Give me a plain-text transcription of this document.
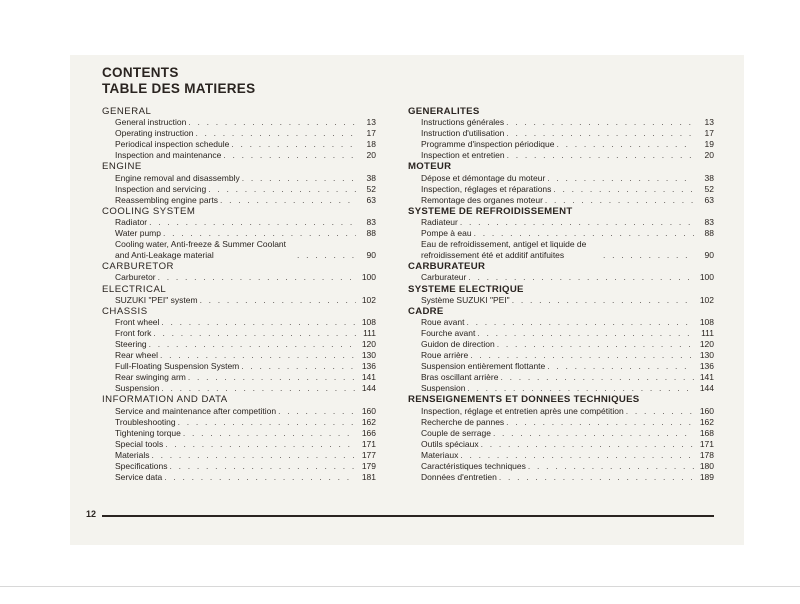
CONTENTS
TABLE DES MATIERES
GENERAL
General instruction . . .	13
Operating instruction . . .	17
Periodical inspection schedule . . .	18
Inspection and maintenance . . .	20
ENGINE
Engine removal and disassembly . . .	38
Inspection and servicing . . .	52
Reassembling engine parts . . .	63
COOLING SYSTEM
Radiator . . .	83
Water pump . . .	88
Cooling water, Anti-freeze & Summer Coolant and Anti-Leakage material . . .	90
CARBURETOR
Carburetor . . .	100
ELECTRICAL
SUZUKI "PEI" system . . .	102
CHASSIS
Front wheel . . .	108
Front fork . . .	111
Steering . . .	120
Rear wheel . . .	130
Full-Floating Suspension System . . .	136
Rear swinging arm . . .	141
Suspension . . .	144
INFORMATION AND DATA
Service and maintenance after competition . . .	160
Troubleshooting . . .	162
Tightening torque . . .	166
Special tools . . .	171
Materials . . .	177
Specifications . . .	179
Service data . . .	181
GENERALITES
Instructions générales . . .	13
Instruction d'utilisation . . .	17
Programme d'inspection périodique . . .	19
Inspection et entretien . . .	20
MOTEUR
Dépose et démontage du moteur . . .	38
Inspection, réglages et réparations . . .	52
Remontage des organes moteur . . .	63
SYSTEME DE REFROIDISSEMENT
Radiateur . . .	83
Pompe à eau . . .	88
Eau de refroidissement, antigel et liquide de refroidissement été et additif antifuites . . .	90
CARBURATEUR
Carburateur . . .	100
SYSTEME ELECTRIQUE
Système SUZUKI "PEI" . . .	102
CADRE
Roue avant . . .	108
Fourche avant . . .	111
Guidon de direction . . .	120
Roue arrière . . .	130
Suspension entièrement flottante . . .	136
Bras oscillant arrière . . .	141
Suspension . . .	144
RENSEIGNEMENTS ET DONNEES TECHNIQUES
Inspection, réglage et entretien après une compétition . . .	160
Recherche de pannes . . .	162
Couple de serrage . . .	168
Outils spéciaux . . .	171
Materiaux . . .	178
Caractéristiques techniques . . .	180
Données d'entretien . . .	189
12
